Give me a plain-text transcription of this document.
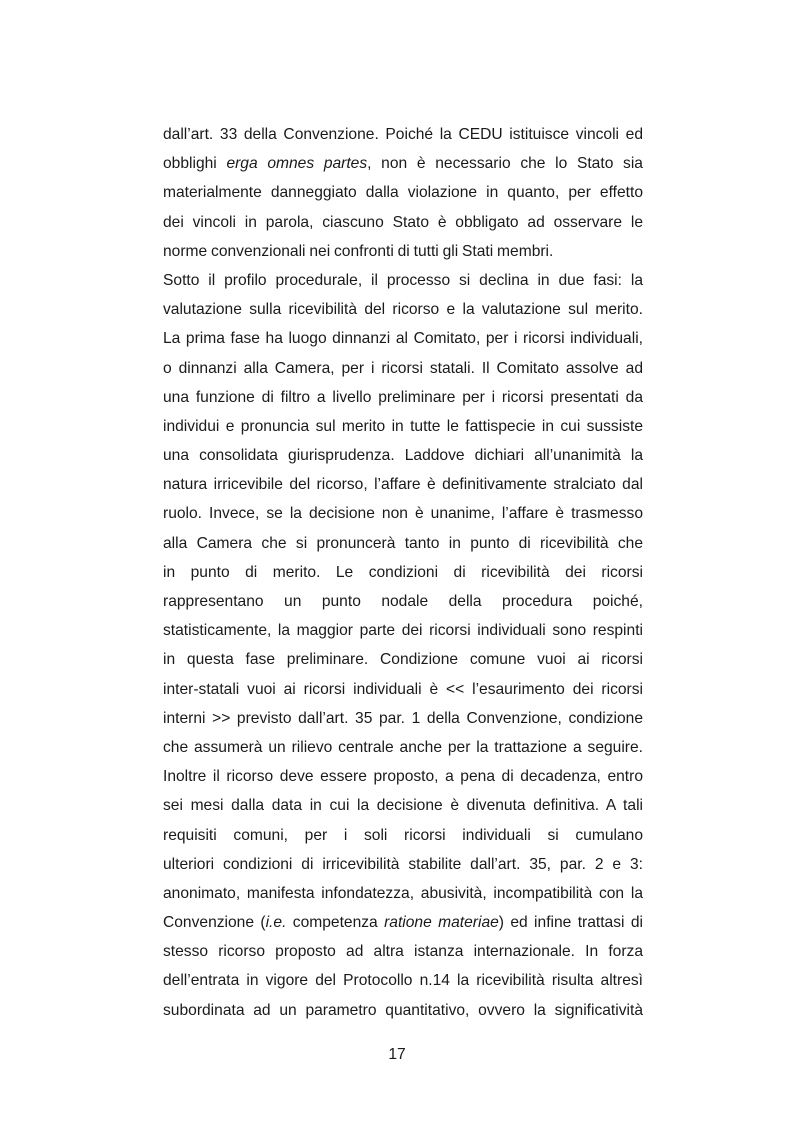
dall’art. 33 della Convenzione. Poiché la CEDU istituisce vincoli ed
obblighi erga omnes partes, non è necessario che lo Stato sia
materialmente danneggiato dalla violazione in quanto, per effetto
dei vincoli in parola, ciascuno Stato è obbligato ad osservare le
norme convenzionali nei confronti di tutti gli Stati membri.
Sotto il profilo procedurale, il processo si declina in due fasi: la
valutazione sulla ricevibilità del ricorso e la valutazione sul merito.
La prima fase ha luogo dinnanzi al Comitato, per i ricorsi individuali,
o dinnanzi alla Camera, per i ricorsi statali. Il Comitato assolve ad
una funzione di filtro a livello preliminare per i ricorsi presentati da
individui e pronuncia sul merito in tutte le fattispecie in cui sussiste
una consolidata giurisprudenza. Laddove dichiari all’unanimità la
natura irricevibile del ricorso, l’affare è definitivamente stralciato dal
ruolo. Invece, se la decisione non è unanime, l’affare è trasmesso
alla Camera che si pronuncerà tanto in punto di ricevibilità che
in punto di merito. Le condizioni di ricevibilità dei ricorsi
rappresentano un punto nodale della procedura poiché,
statisticamente, la maggior parte dei ricorsi individuali sono respinti
in questa fase preliminare. Condizione comune vuoi ai ricorsi
inter-statali vuoi ai ricorsi individuali è << l’esaurimento dei ricorsi
interni >> previsto dall’art. 35 par. 1 della Convenzione, condizione
che assumerà un rilievo centrale anche per la trattazione a seguire.
Inoltre il ricorso deve essere proposto, a pena di decadenza, entro
sei mesi dalla data in cui la decisione è divenuta definitiva. A tali
requisiti comuni, per i soli ricorsi individuali si cumulano
ulteriori condizioni di irricevibilità stabilite dall’art. 35, par. 2 e 3:
anonimato, manifesta infondatezza, abusività, incompatibilità con la
Convenzione (i.e. competenza ratione materiae) ed infine trattasi di
stesso ricorso proposto ad altra istanza internazionale. In forza
dell’entrata in vigore del Protocollo n.14 la ricevibilità risulta altresì
subordinata ad un parametro quantitativo, ovvero la significatività
17
